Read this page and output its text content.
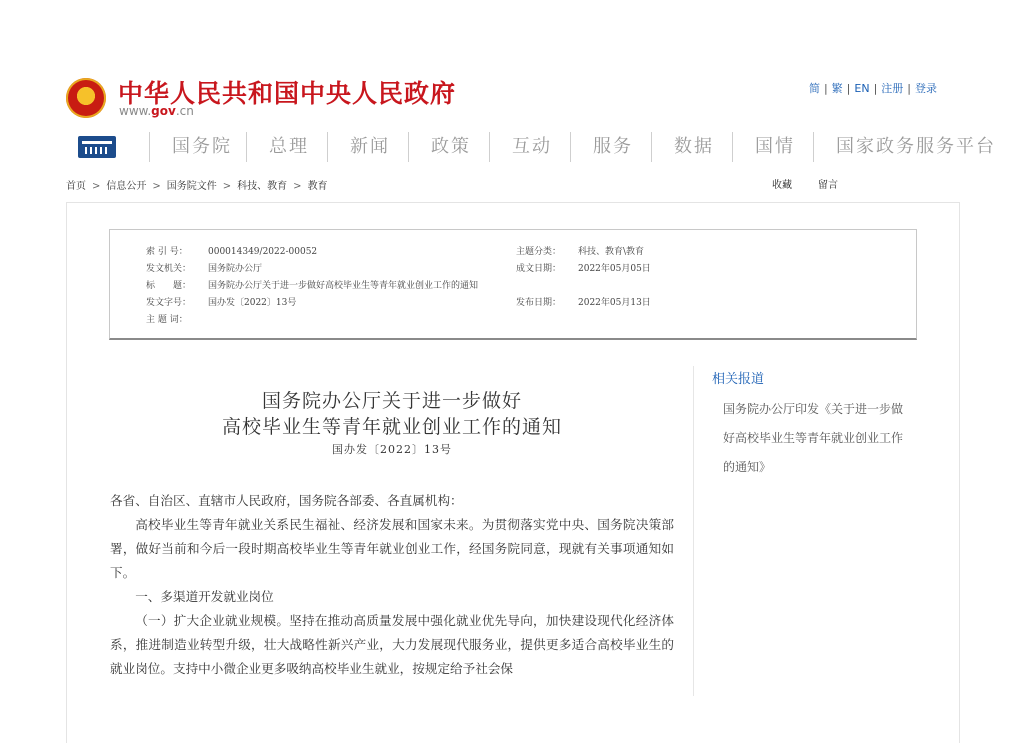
中华人民共和国中央人民政府
www.gov.cn
简 | 繁 | EN | 注册 | 登录
国务院 总理 新闻 政策 互动 服务 数据 国情 国家政务服务平台
首页 > 信息公开 > 国务院文件 > 科技、教育 > 教育	收藏	留言
索 引 号： 000014349/2022-00052	主题分类： 科技、教育\教育
发文机关： 国务院办公厅	成文日期： 2022年05月05日
标　　题： 国务院办公厅关于进一步做好高校毕业生等青年就业创业工作的通知
发文字号： 国办发〔2022〕13号	发布日期： 2022年05月13日
主 题 词：
国务院办公厅关于进一步做好
高校毕业生等青年就业创业工作的通知
国办发〔2022〕13号

各省、自治区、直辖市人民政府，国务院各部委、各直属机构：

高校毕业生等青年就业关系民生福祉、经济发展和国家未来。为贯彻落实党中央、国务院决策部署，做好当前和今后一段时期高校毕业生等青年就业创业工作，经国务院同意，现就有关事项通知如下。

一、多渠道开发就业岗位

（一）扩大企业就业规模。坚持在推动高质量发展中强化就业优先导向，加快建设现代化经济体系，推进制造业转型升级，壮大战略性新兴产业，大力发展现代服务业，提供更多适合高校毕业生的就业岗位。支持中小微企业更多吸纳高校毕业生就业，按规定给予社会保

相关报道
国务院办公厅印发《关于进一步做好高校毕业生等青年就业创业工作的通知》
